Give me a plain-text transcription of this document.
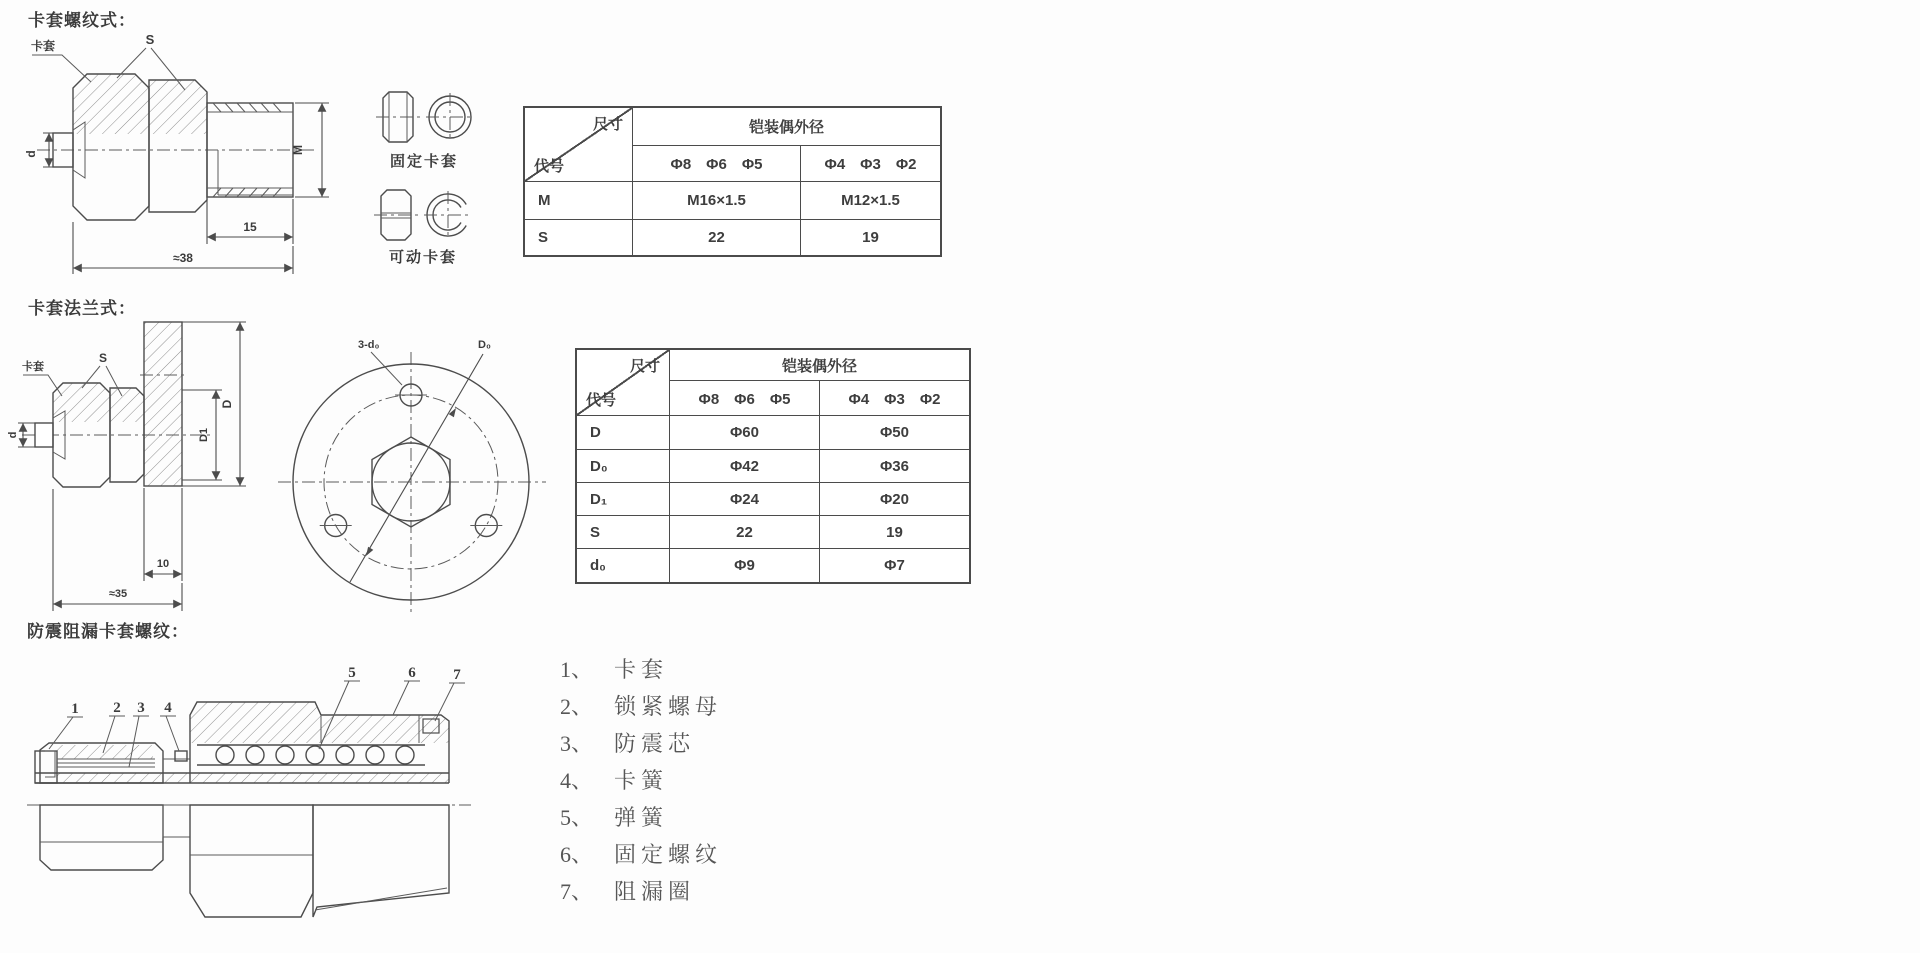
卡套螺纹式：
d	M
15
≈38
卡套	S
固定卡套
可动卡套
尺寸
代号
铠装偶外径
Φ8　Φ6　Φ5	Φ4　Φ3　Φ2
M	M16×1.5	M12×1.5
S	22	19
卡套法兰式：
卡套
S
d	D1
D
10
≈35
3-d₀	D₀
尺寸
代号
铠装偶外径
Φ8　Φ6　Φ5	Φ4　Φ3　Φ2
D	Φ60	Φ50
D₀	Φ42	Φ36
D₁	Φ24	Φ20
S	22	19
d₀	Φ9	Φ7
防震阻漏卡套螺纹：
1 2 3 4
5	6	7	1、 卡套
2、 锁紧螺母
3、 防震芯
4、 卡簧
5、 弹簧
6、 固定螺纹
7、 阻漏圈
